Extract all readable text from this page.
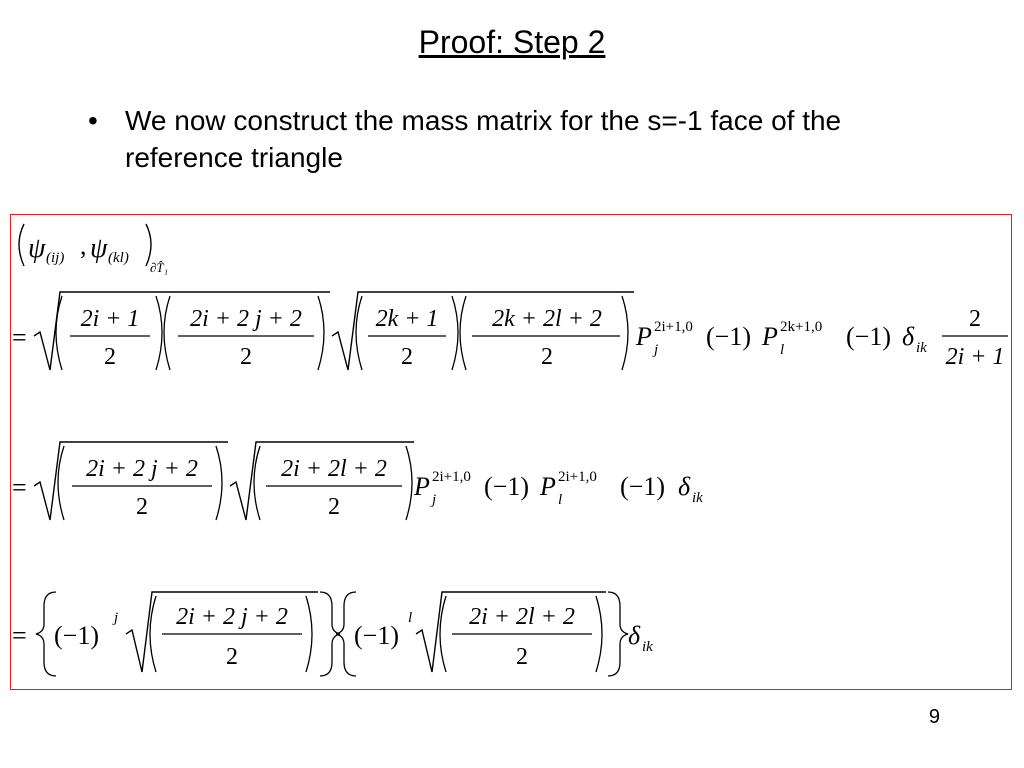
Proof: Step 2
• We now construct the mass matrix for the s=-1 face of the reference triangle
ψ (ij) , ψ (kl)
∂T̂₁
=
2i + 1
2
2i + 2 j + 2
2
2k + 1
2
2k + 2l + 2
2
P 2i+1,0
j (−1) P 2k+1,0
l (−1) δ ik
2
2i + 1
=
2i + 2 j + 2
2
2i + 2l + 2
2
P 2i+1,0
j (−1) P 2i+1,0
l (−1) δ ik
= (−1)
j 2i + 2 j + 2
2
(−1)
l 2i + 2l + 2
2
δ ik
9
